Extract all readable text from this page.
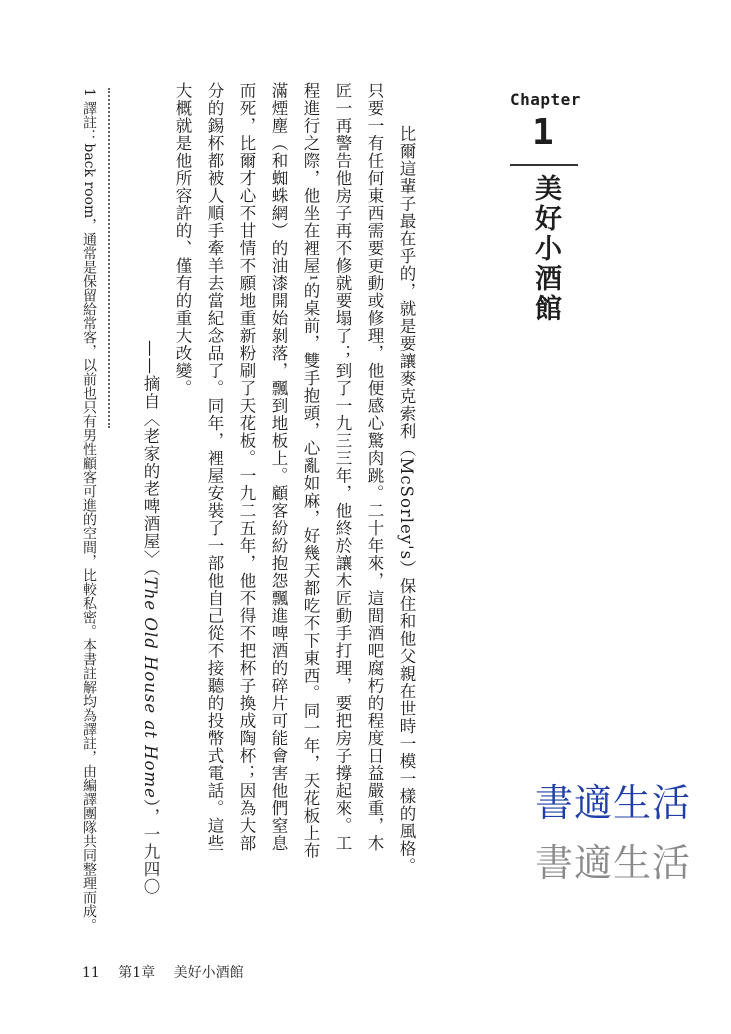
Chapter
1
美好小酒館
比爾這輩子最在乎的，就是要讓麥克索利（McSorley's）保住和他父親在世時一模一樣的風格。
只要一有任何東西需要更動或修理，他便感心驚肉跳。二十年來，這間酒吧腐朽的程度日益嚴重，木
匠一再警告他房子再不修就要塌了；到了一九三三年，他終於讓木匠動手打理，要把房子撐起來。工
程進行之際，他坐在裡屋¹的桌前，雙手抱頭，心亂如麻，好幾天都吃不下東西。同一年，天花板上布
滿煙塵（和蜘蛛網）的油漆開始剝落，飄到地板上。顧客紛紛抱怨飄進啤酒的碎片可能會害他們窒息
而死，比爾才心不甘情不願地重新粉刷了天花板。一九二五年，他不得不把杯子換成陶杯；因為大部
分的錫杯都被人順手牽羊去當紀念品了。同年，裡屋安裝了一部他自己從不接聽的投幣式電話。這些
大概就是他所容許的、僅有的重大改變。
——摘自〈老家的老啤酒屋〉（The Old House at Home），一九四〇
1 譯註：back room，通常是保留給常客，以前也只有男性顧客可進的空間，比較私密。本書註解均為譯註，由編譯團隊共同整理而成。	書適生活
書適生活
11 第1章 美好小酒館
